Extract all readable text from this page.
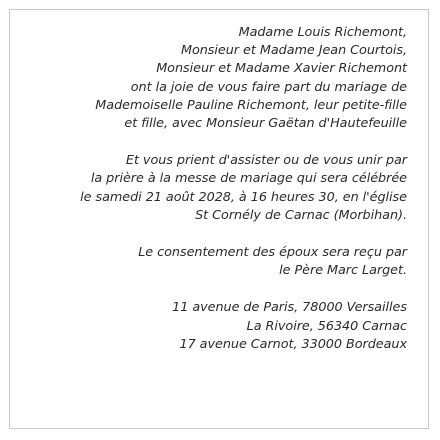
Madame Louis Richemont,
Monsieur et Madame Jean Courtois,
Monsieur et Madame Xavier Richemont
ont la joie de vous faire part du mariage de
Mademoiselle Pauline Richemont, leur petite-fille
et fille, avec Monsieur Gaëtan d'Hautefeuille
Et vous prient d'assister ou de vous unir par
la prière à la messe de mariage qui sera célébrée
le samedi 21 août 2028, à 16 heures 30, en l'église
St Cornély de Carnac (Morbihan).
Le consentement des époux sera reçu par
le Père Marc Larget.
11 avenue de Paris, 78000 Versailles
La Rivoire, 56340 Carnac
17 avenue Carnot, 33000 Bordeaux
